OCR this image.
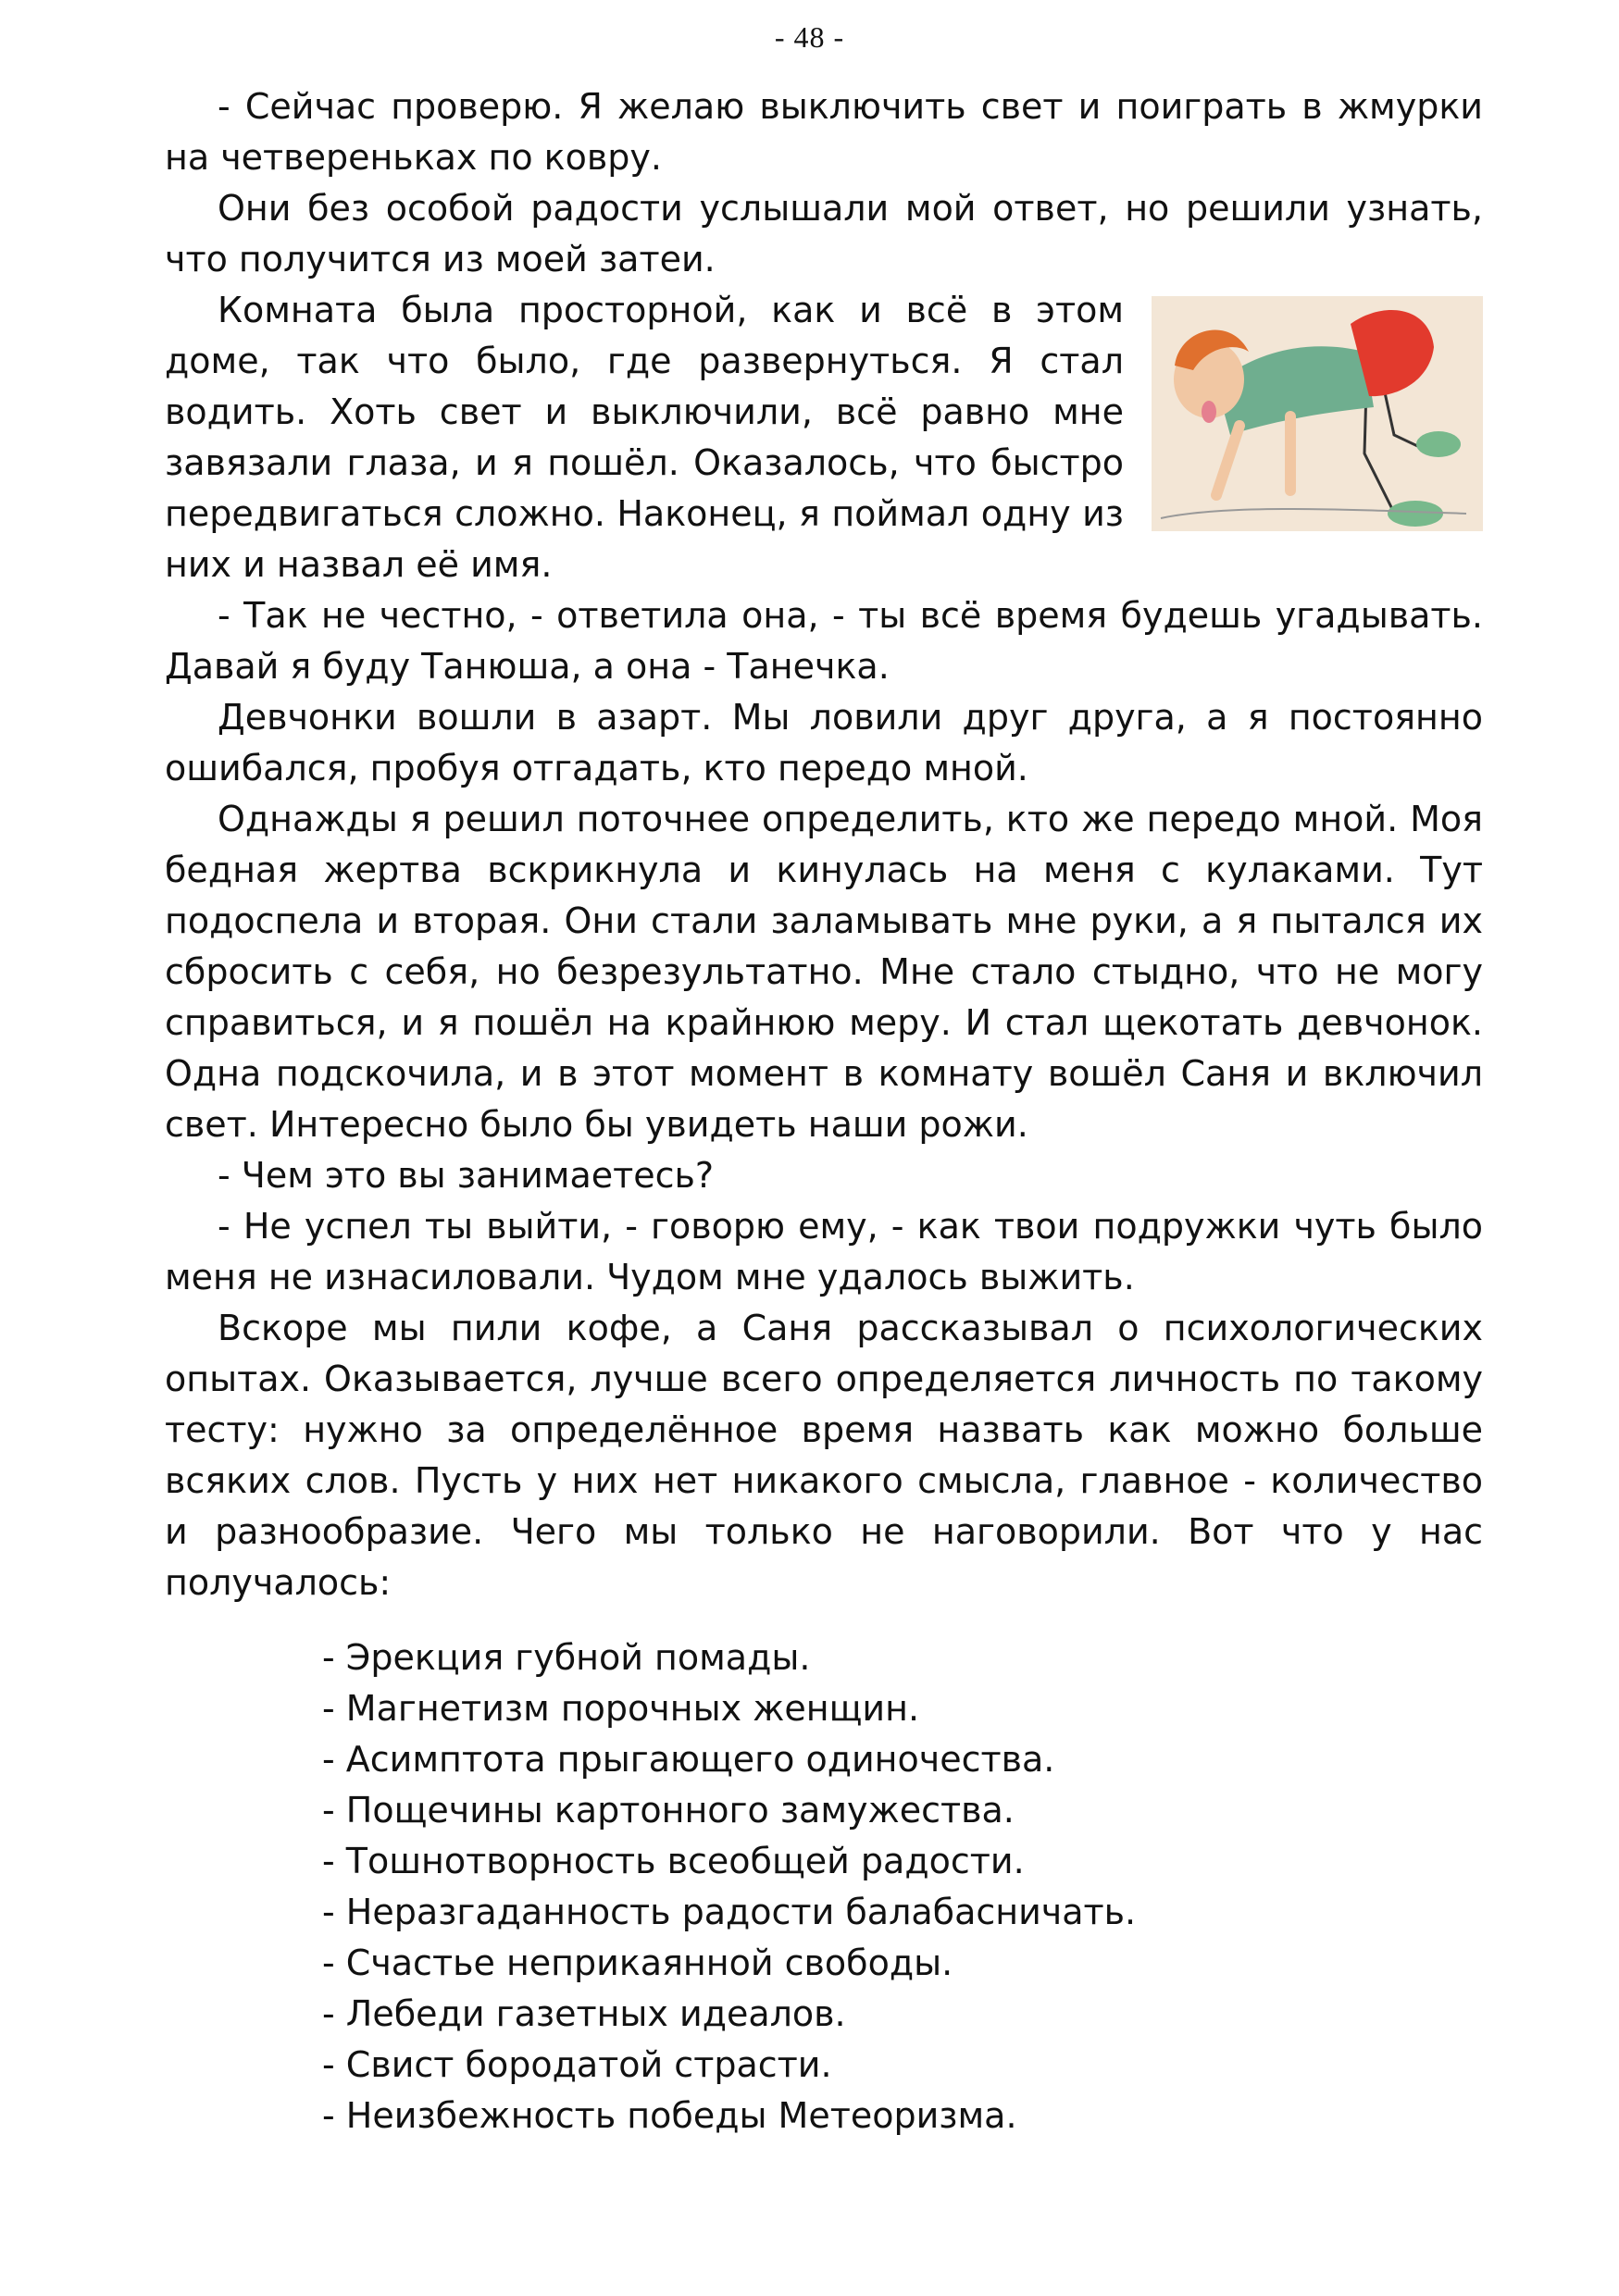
- 48 -

- Сейчас проверю. Я желаю выключить свет и поиграть в жмурки на четвереньках по ковру.

Они без особой радости услышали мой ответ, но решили узнать, что получится из моей затеи.

Комната была просторной, как и всё в этом доме, так что было, где развернуться. Я стал водить. Хоть свет и выключили, всё равно мне завязали глаза, и я пошёл. Оказалось, что быстро передвигаться сложно. Наконец, я поймал одну из них и назвал её имя.

- Так не честно, - ответила она, - ты всё время будешь угадывать. Давай я буду Танюша, а она - Танечка.

Девчонки вошли в азарт. Мы ловили друг друга, а я постоянно ошибался, пробуя отгадать, кто передо мной.

Однажды я решил поточнее определить, кто же передо мной. Моя бедная жертва вскрикнула и кинулась на меня с кулаками. Тут подоспела и вторая. Они стали заламывать мне руки, а я пытался их сбросить с себя, но безрезультатно. Мне стало стыдно, что не могу справиться, и я пошёл на крайнюю меру. И стал щекотать девчонок. Одна подскочила, и в этот момент в комнату вошёл Саня и включил свет. Интересно было бы увидеть наши рожи.

- Чем это вы занимаетесь?

- Не успел ты выйти, - говорю ему, - как твои подружки чуть было меня не изнасиловали. Чудом мне удалось выжить.

Вскоре мы пили кофе, а Саня рассказывал о психологических опытах. Оказывается, лучше всего определяется личность по такому тесту: нужно за определённое время назвать как можно больше всяких слов. Пусть у них нет никакого смысла, главное - количество и разнообразие. Чего мы только не наговорили. Вот что у нас получалось:

- Эрекция губной помады.
- Магнетизм порочных женщин.
- Асимптота прыгающего одиночества.
- Пощечины картонного замужества.
- Тошнотворность всеобщей радости.
- Неразгаданность радости балабасничать.
- Счастье неприкаянной свободы.
- Лебеди газетных идеалов.
- Свист бородатой страсти.
- Неизбежность победы Метеоризма.
